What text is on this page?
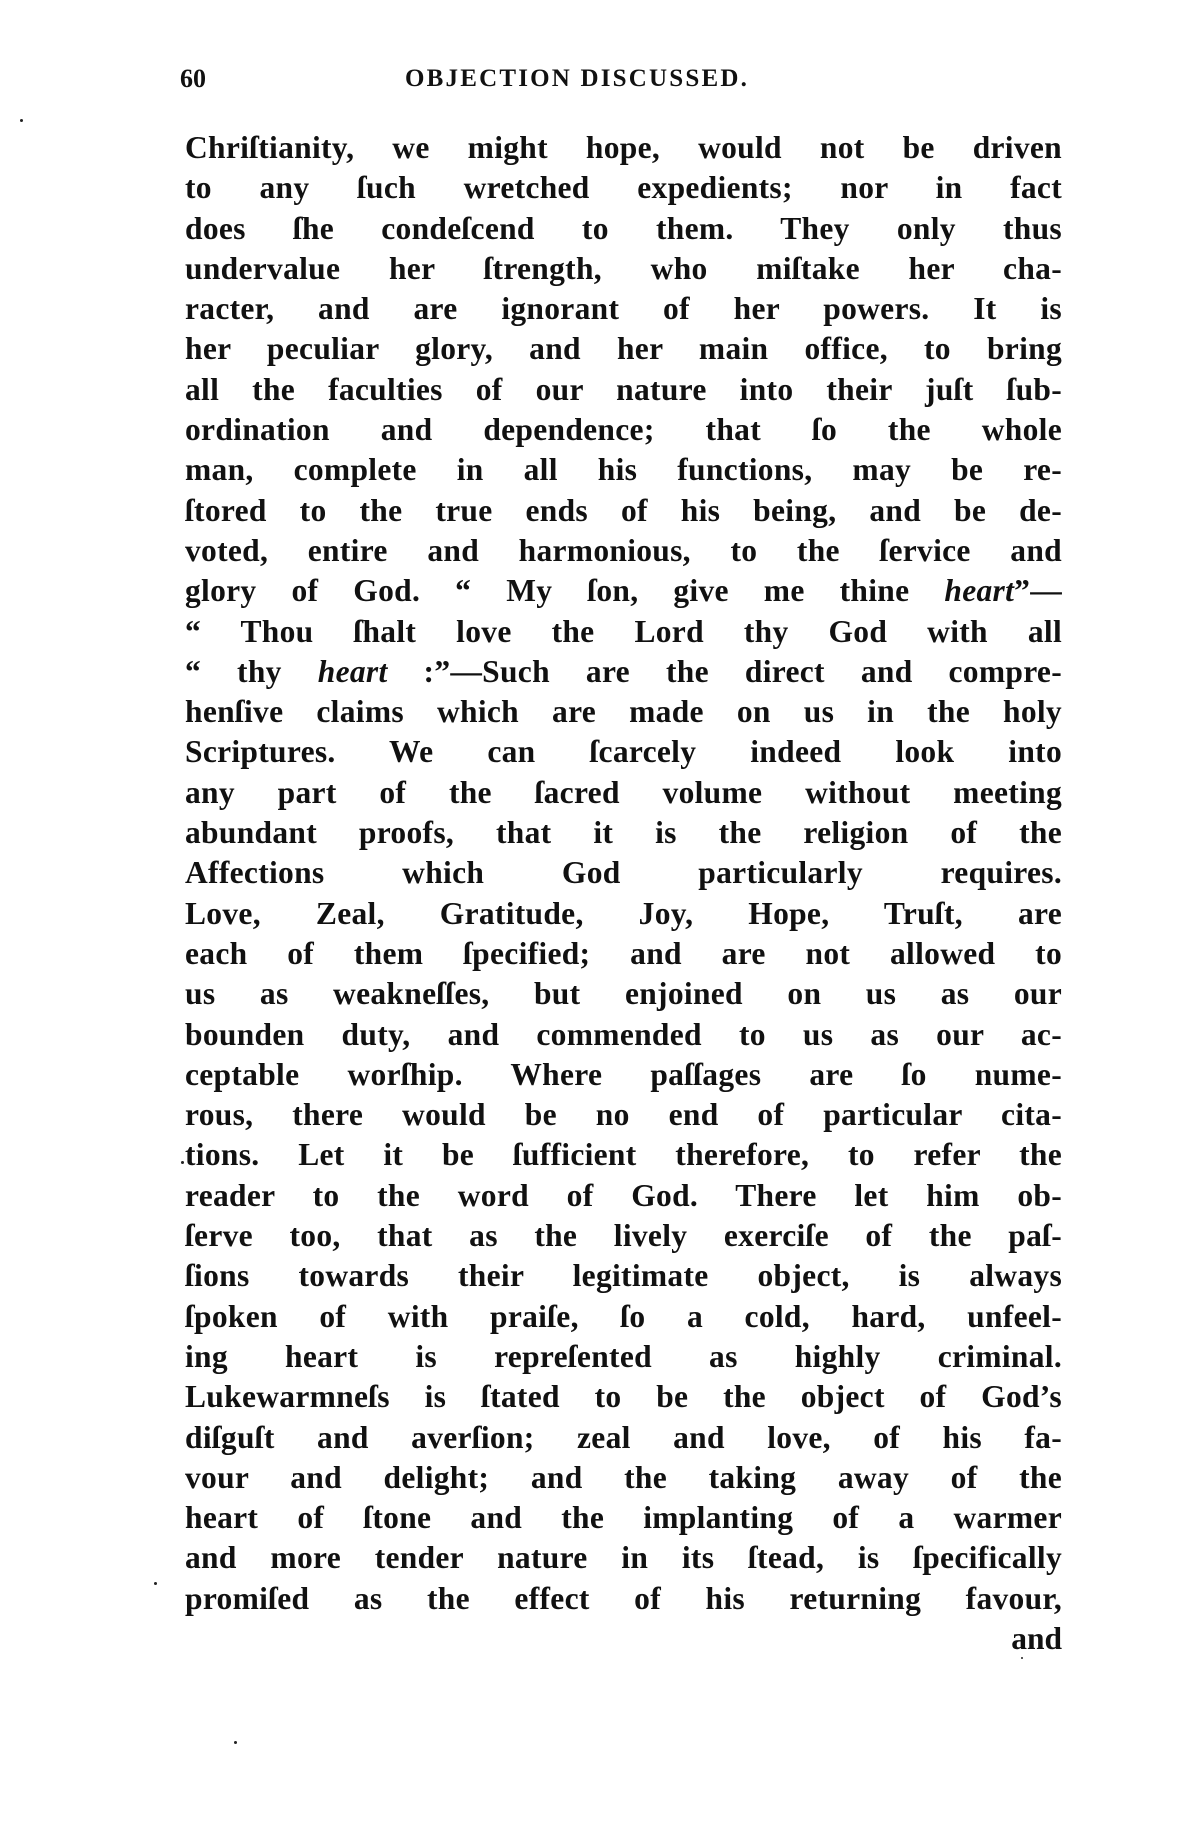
60	OBJECTION DISCUSSED.
Chriſtianity, we might hope, would not be driven
to any ſuch wretched expedients; nor in fact
does ſhe condeſcend to them. They only thus
undervalue her ſtrength, who miſtake her cha-
racter, and are ignorant of her powers. It is
her peculiar glory, and her main office, to bring
all the faculties of our nature into their juſt ſub-
ordination and dependence; that ſo the whole
man, complete in all his functions, may be re-
ſtored to the true ends of his being, and be de-
voted, entire and harmonious, to the ſervice and
glory of God. “ My ſon, give me thine heart”—
“ Thou ſhalt love the Lord thy God with all
“ thy heart :”—Such are the direct and compre-
henſive claims which are made on us in the holy
Scriptures. We can ſcarcely indeed look into
any part of the ſacred volume without meeting
abundant proofs, that it is the religion of the
Affections which God particularly requires.
Love, Zeal, Gratitude, Joy, Hope, Truſt, are
each of them ſpecified; and are not allowed to
us as weakneſſes, but enjoined on us as our
bounden duty, and commended to us as our ac-
ceptable worſhip. Where paſſages are ſo nume-
rous, there would be no end of particular cita-
tions. Let it be ſufficient therefore, to refer the
reader to the word of God. There let him ob-
ſerve too, that as the lively exerciſe of the paſ-
ſions towards their legitimate object, is always
ſpoken of with praiſe, ſo a cold, hard, unfeel-
ing heart is repreſented as highly criminal.
Lukewarmneſs is ſtated to be the object of God’s
diſguſt and averſion; zeal and love, of his fa-
vour and delight; and the taking away of the
heart of ſtone and the implanting of a warmer
and more tender nature in its ſtead, is ſpecifically
promiſed as the effect of his returning favour,
and
